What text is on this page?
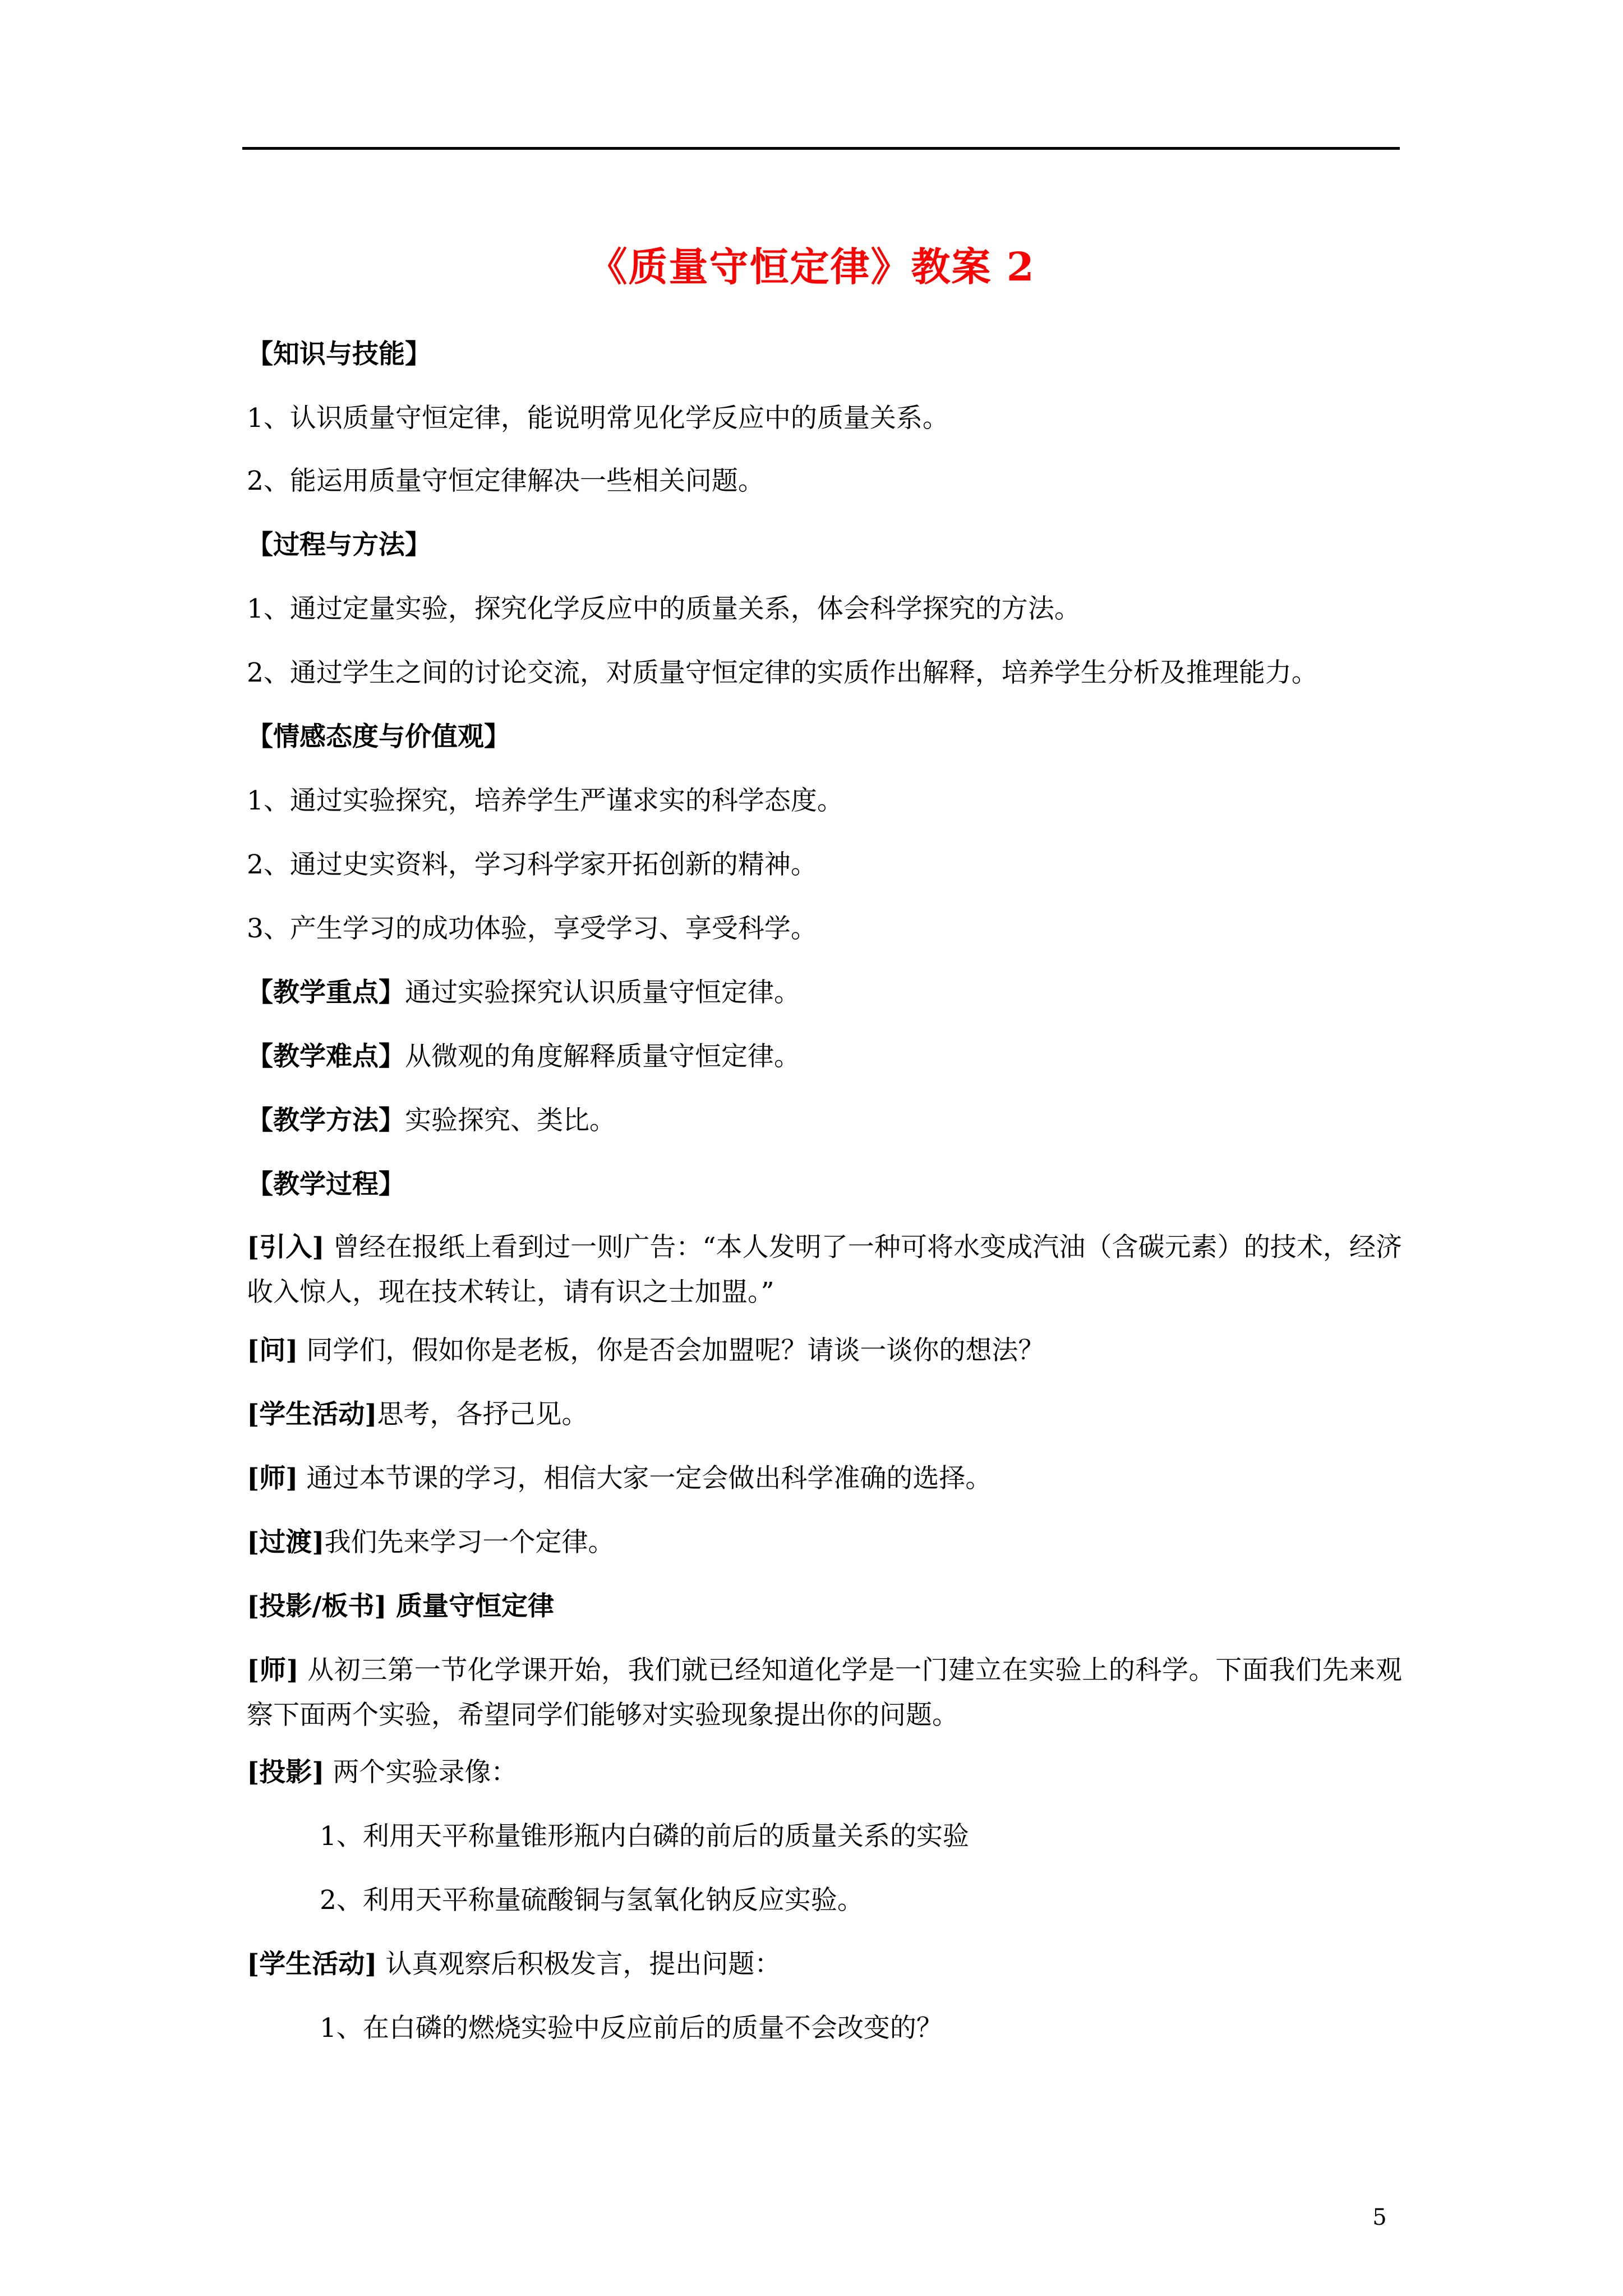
《质量守恒定律》教案 2
【知识与技能】
1、认识质量守恒定律，能说明常见化学反应中的质量关系。
2、能运用质量守恒定律解决一些相关问题。
【过程与方法】
1、通过定量实验，探究化学反应中的质量关系，体会科学探究的方法。
2、通过学生之间的讨论交流，对质量守恒定律的实质作出解释，培养学生分析及推理能力。
【情感态度与价值观】
1、通过实验探究，培养学生严谨求实的科学态度。
2、通过史实资料，学习科学家开拓创新的精神。
3、产生学习的成功体验，享受学习、享受科学。
【教学重点】通过实验探究认识质量守恒定律。
【教学难点】从微观的角度解释质量守恒定律。
【教学方法】实验探究、类比。
【教学过程】
[引入] 曾经在报纸上看到过一则广告：“本人发明了一种可将水变成汽油（含碳元素）的技术，经济收入惊人，现在技术转让，请有识之士加盟。”
[问] 同学们，假如你是老板，你是否会加盟呢？请谈一谈你的想法？
[学生活动]思考，各抒己见。
[师] 通过本节课的学习，相信大家一定会做出科学准确的选择。
[过渡]我们先来学习一个定律。
[投影/板书] 质量守恒定律
[师] 从初三第一节化学课开始，我们就已经知道化学是一门建立在实验上的科学。下面我们先来观察下面两个实验，希望同学们能够对实验现象提出你的问题。
[投影] 两个实验录像：
1、利用天平称量锥形瓶内白磷的前后的质量关系的实验
2、利用天平称量硫酸铜与氢氧化钠反应实验。
[学生活动] 认真观察后积极发言，提出问题：
1、在白磷的燃烧实验中反应前后的质量不会改变的？
5
